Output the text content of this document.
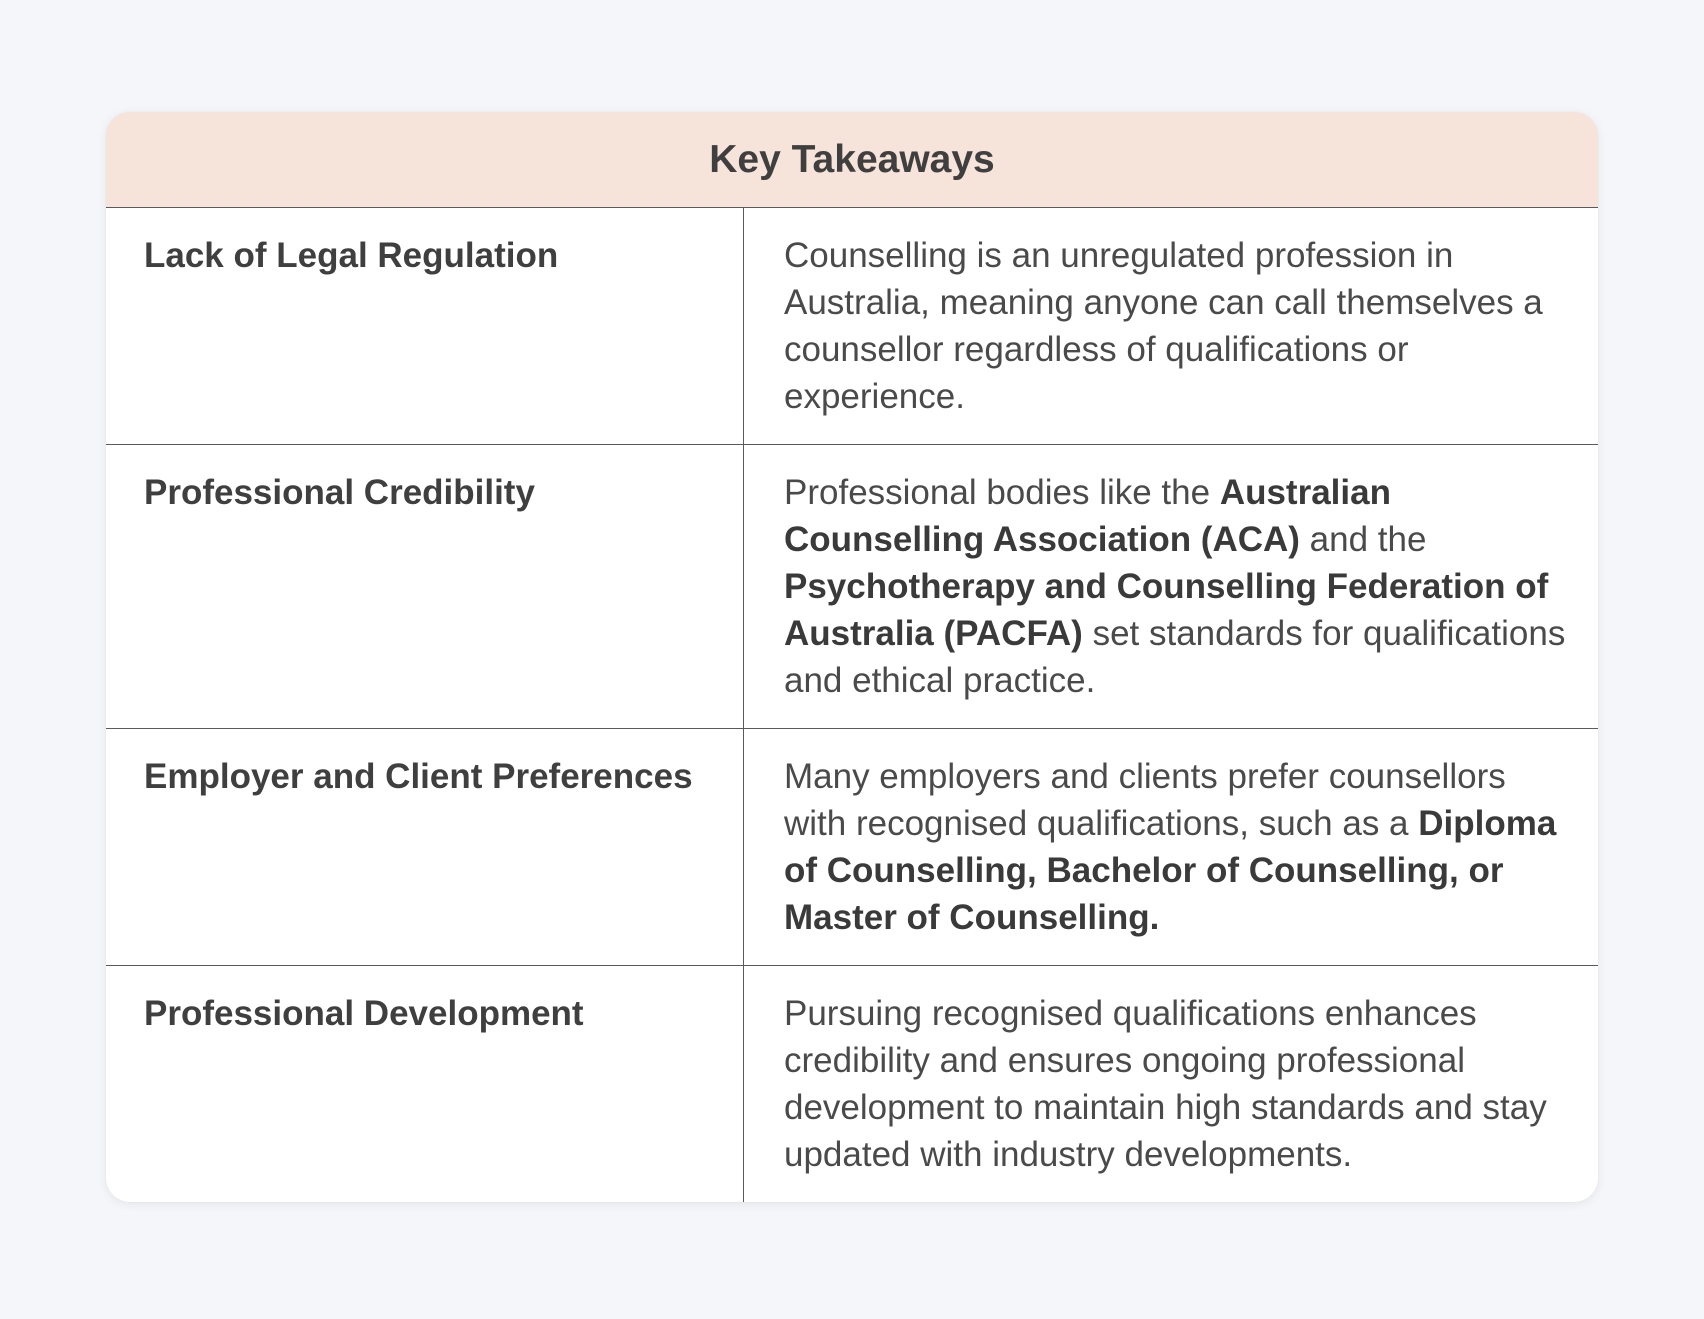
Key Takeaways
Lack of Legal Regulation	Counselling is an unregulated profession in Australia, meaning anyone can call themselves a counsellor regardless of qualifications or experience.
Professional Credibility	Professional bodies like the Australian Counselling Association (ACA) and the Psychotherapy and Counselling Federation of Australia (PACFA) set standards for qualifications and ethical practice.
Employer and Client Preferences	Many employers and clients prefer counsellors with recognised qualifications, such as a Diploma of Counselling, Bachelor of Counselling, or Master of Counselling.
Professional Development	Pursuing recognised qualifications enhances credibility and ensures ongoing professional development to maintain high standards and stay updated with industry developments.
